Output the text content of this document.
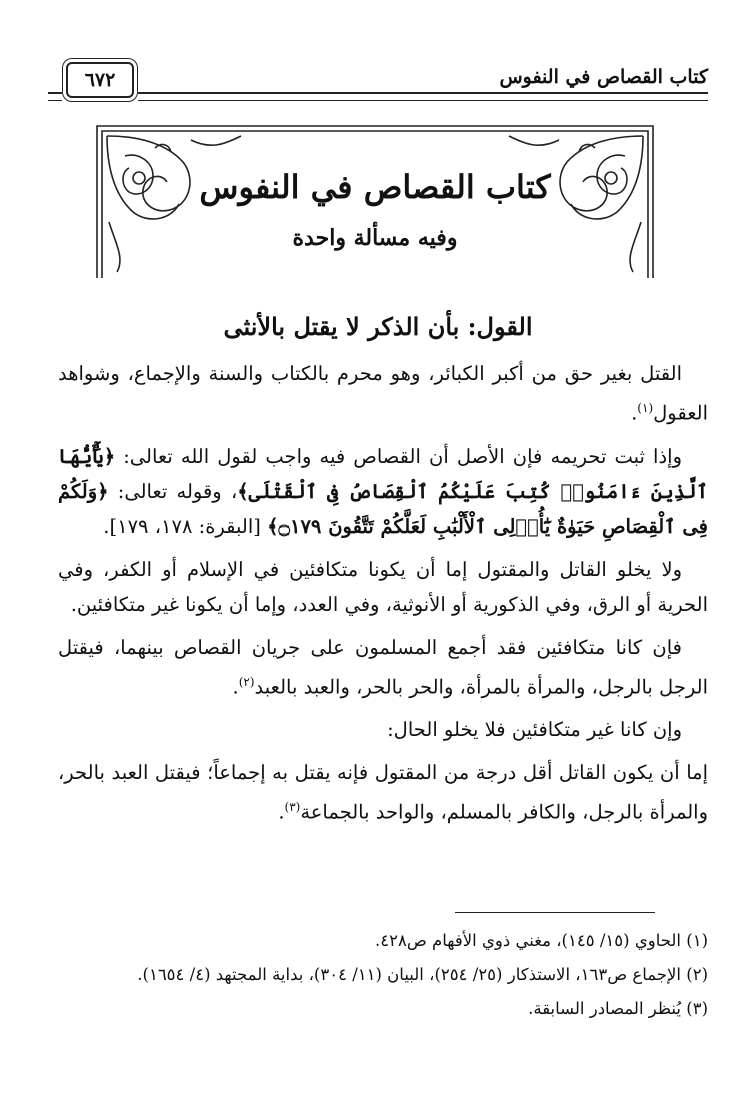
كتاب القصاص في النفوس
٦٧٢
كتاب القصاص في النفوس
وفيه مسألة واحدة
القول: بأن الذكر لا يقتل بالأنثى

القتل بغير حق من أكبر الكبائر، وهو محرم بالكتاب والسنة والإجماع، وشواهد العقول$^{(١)}$.

وإذا ثبت تحريمه فإن الأصل أن القصاص فيه واجب لقول الله تعالى: ﴿يَٰٓأَيُّهَا ٱلَّذِينَ ءَامَنُوا۟ كُتِبَ عَلَيْكُمُ ٱلْقِصَاصُ فِى ٱلْقَتْلَى﴾، وقوله تعالى: ﴿وَلَكُمْ فِى ٱلْقِصَاصِ حَيَوٰةٌ يَٰٓأُو۟لِى ٱلْأَلْبَٰبِ لَعَلَّكُمْ تَتَّقُونَ ۝١٧٩﴾ [البقرة: ١٧٨، ١٧٩].

ولا يخلو القاتل والمقتول إما أن يكونا متكافئين في الإسلام أو الكفر، وفي الحرية أو الرق، وفي الذكورية أو الأنوثية، وفي العدد، وإما أن يكونا غير متكافئين.

فإن كانا متكافئين فقد أجمع المسلمون على جريان القصاص بينهما، فيقتل الرجل بالرجل، والمرأة بالمرأة، والحر بالحر، والعبد بالعبد$^{(٢)}$.

وإن كانا غير متكافئين فلا يخلو الحال:

إما أن يكون القاتل أقل درجة من المقتول فإنه يقتل به إجماعاً؛ فيقتل العبد بالحر، والمرأة بالرجل، والكافر بالمسلم، والواحد بالجماعة$^{(٣)}$.

(١) الحاوي (١٥/ ١٤٥)، مغني ذوي الأفهام ص٤٢٨.
(٢) الإجماع ص١٦٣، الاستذكار (٢٥/ ٢٥٤)، البيان (١١/ ٣٠٤)، بداية المجتهد (٤/ ١٦٥٤).
(٣) يُنظر المصادر السابقة.
